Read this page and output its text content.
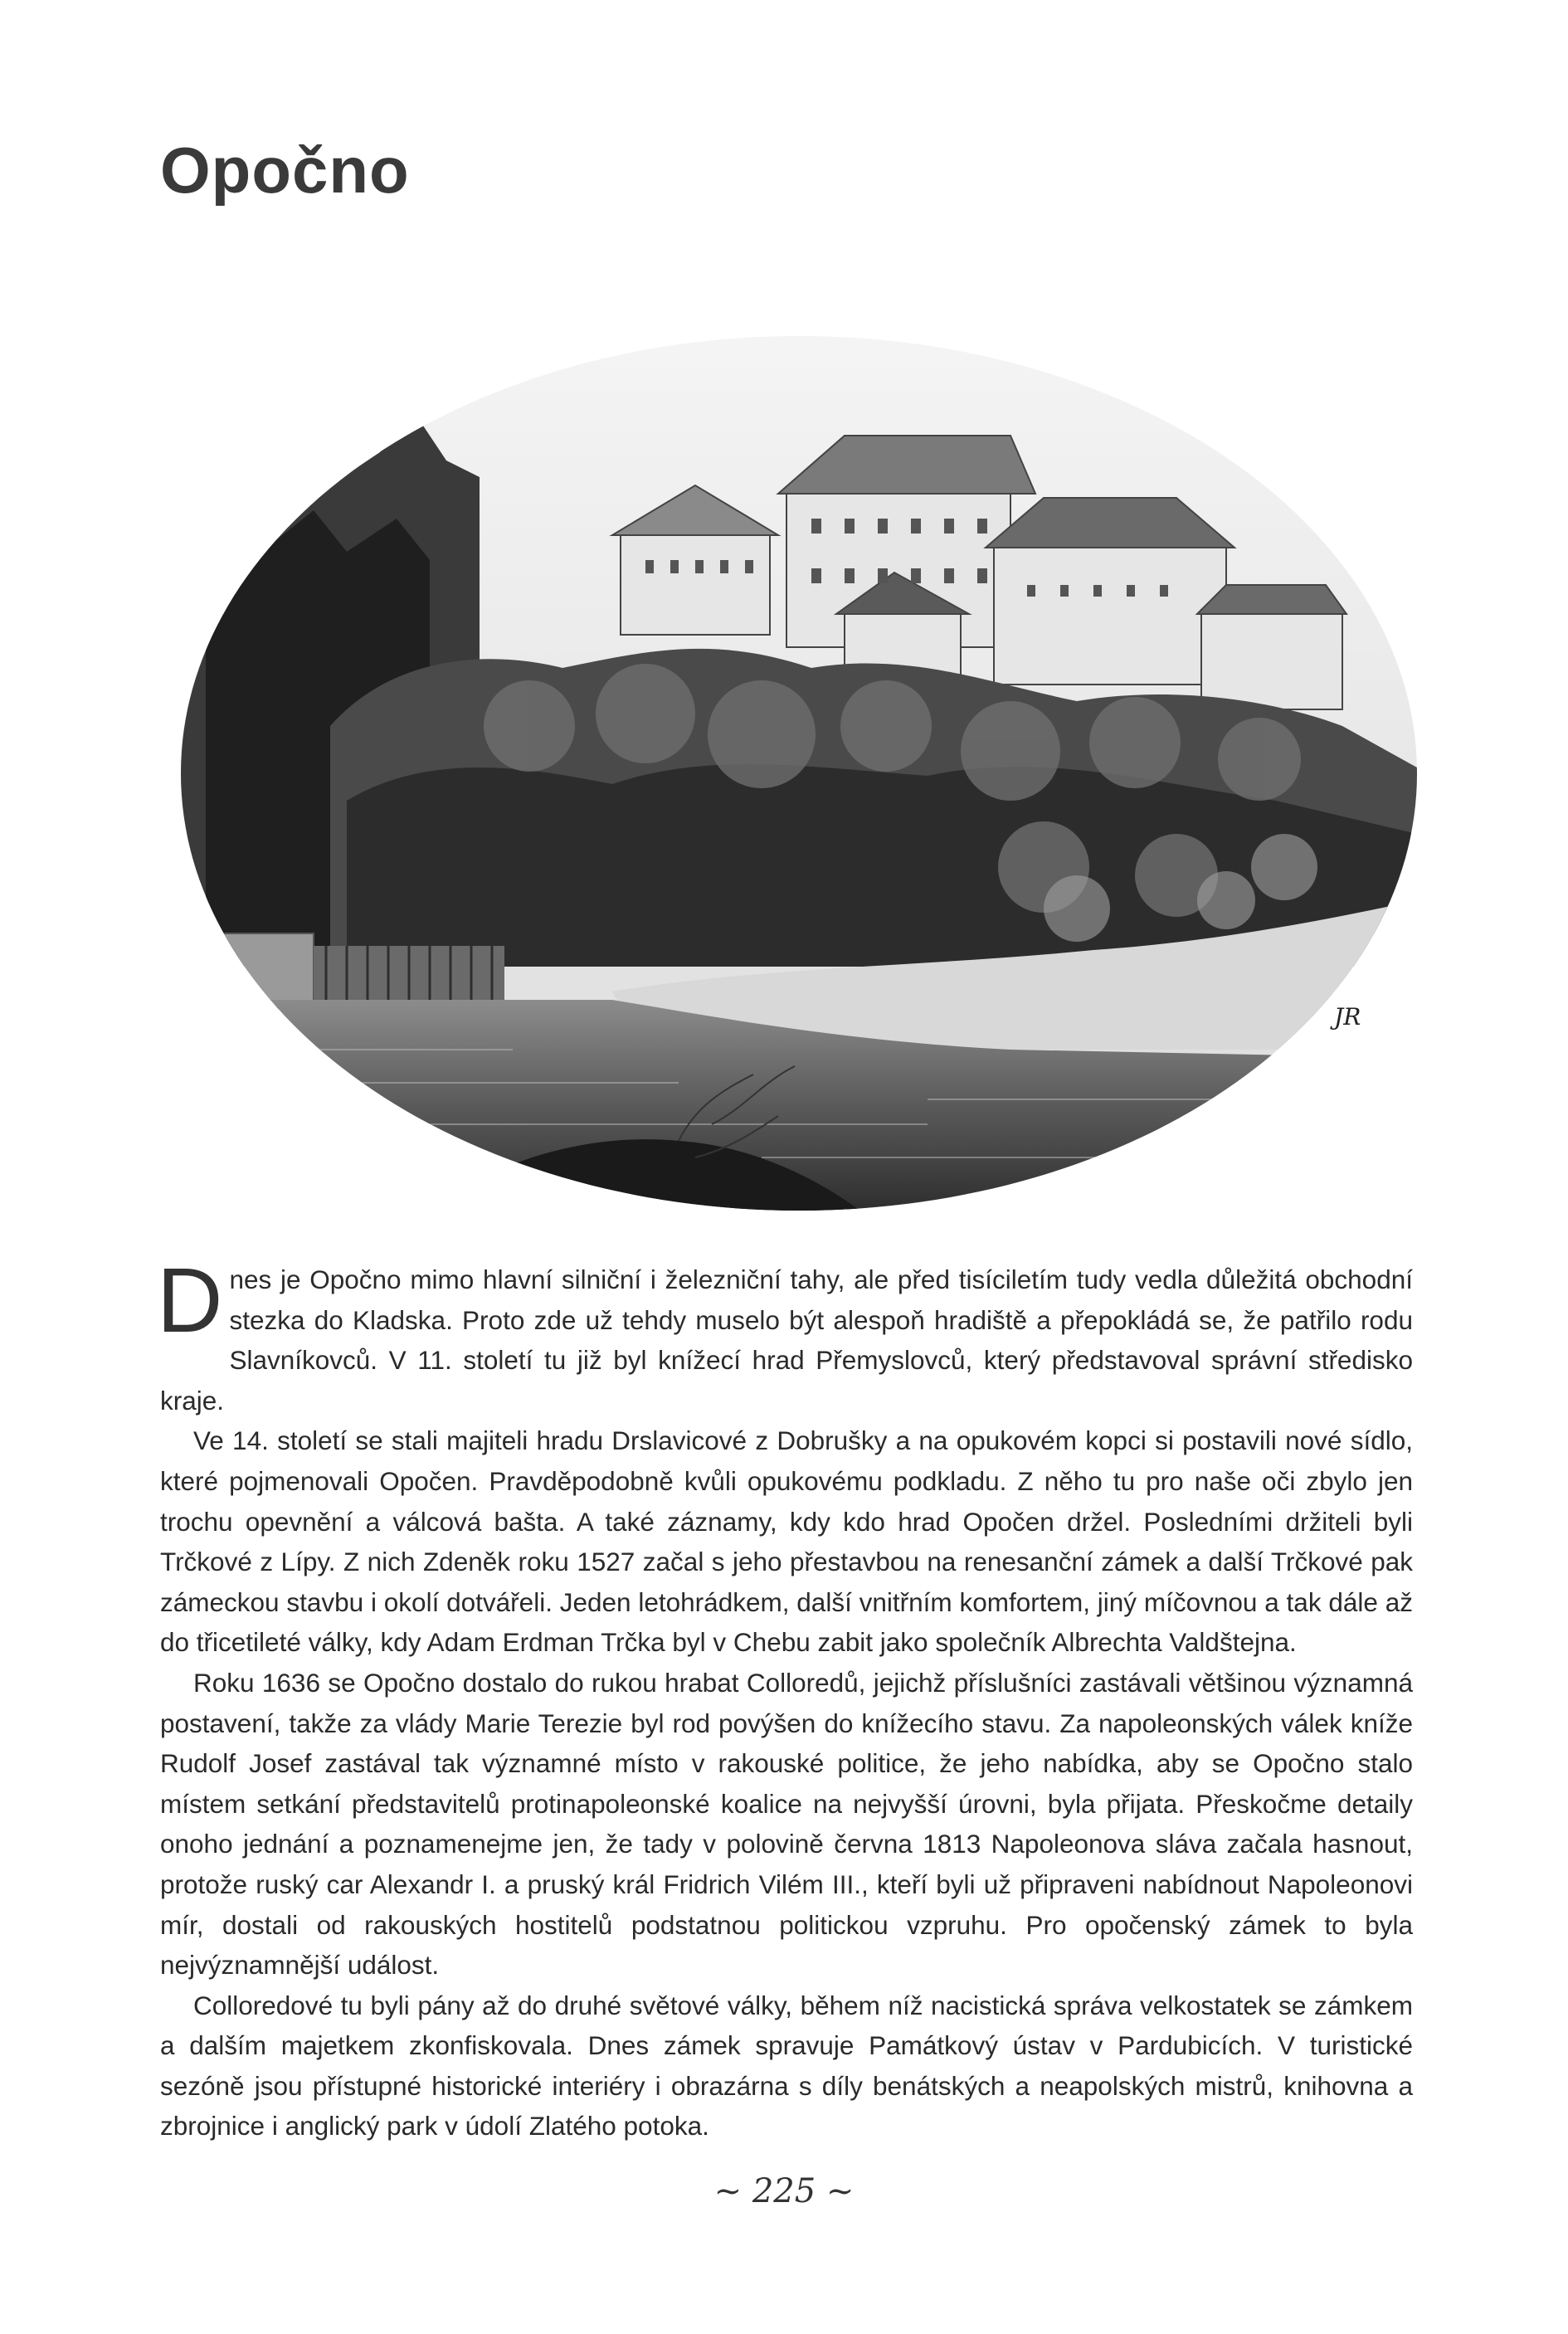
Opočno
JR

Dnes je Opočno mimo hlavní silniční i železniční tahy, ale před tisíciletím tudy vedla důležitá obchodní stezka do Kladska. Proto zde už tehdy muselo být alespoň hradiště a přepokládá se, že patřilo rodu Slavníkovců. V 11. století tu již byl knížecí hrad Přemyslovců, který představoval správní středisko kraje.

Ve 14. století se stali majiteli hradu Drslavicové z Dobrušky a na opukovém kopci si postavili nové sídlo, které pojmenovali Opočen. Pravděpodobně kvůli opukovému podkladu. Z něho tu pro naše oči zbylo jen trochu opevnění a válcová bašta. A také záznamy, kdy kdo hrad Opočen držel. Posledními držiteli byli Trčkové z Lípy. Z nich Zdeněk roku 1527 začal s jeho přestavbou na renesanční zámek a další Trčkové pak zámeckou stavbu i okolí dotvářeli. Jeden letohrádkem, další vnitřním komfortem, jiný míčovnou a tak dále až do třicetileté války, kdy Adam Erdman Trčka byl v Chebu zabit jako společník Albrechta Valdštejna.

Roku 1636 se Opočno dostalo do rukou hrabat Colloredů, jejichž příslušníci zastávali většinou významná postavení, takže za vlády Marie Terezie byl rod povýšen do knížecího stavu. Za napoleonských válek kníže Rudolf Josef zastával tak významné místo v rakouské politice, že jeho nabídka, aby se Opočno stalo místem setkání představitelů protinapoleonské koalice na nejvyšší úrovni, byla přijata. Přeskočme detaily onoho jednání a poznamenejme jen, že tady v polovině června 1813 Napoleonova sláva začala hasnout, protože ruský car Alexandr I. a pruský král Fridrich Vilém III., kteří byli už připraveni nabídnout Napoleonovi mír, dostali od rakouských hostitelů podstatnou politickou vzpruhu. Pro opočenský zámek to byla nejvýznamnější událost.

Colloredové tu byli pány až do druhé světové války, během níž nacistická správa velkostatek se zámkem a dalším majetkem zkonfiskovala. Dnes zámek spravuje Památkový ústav v Pardubicích. V turistické sezóně jsou přístupné historické interiéry i obrazárna s díly benátských a neapolských mistrů, knihovna a zbrojnice i anglický park v údolí Zlatého potoka.

~ 225 ~
